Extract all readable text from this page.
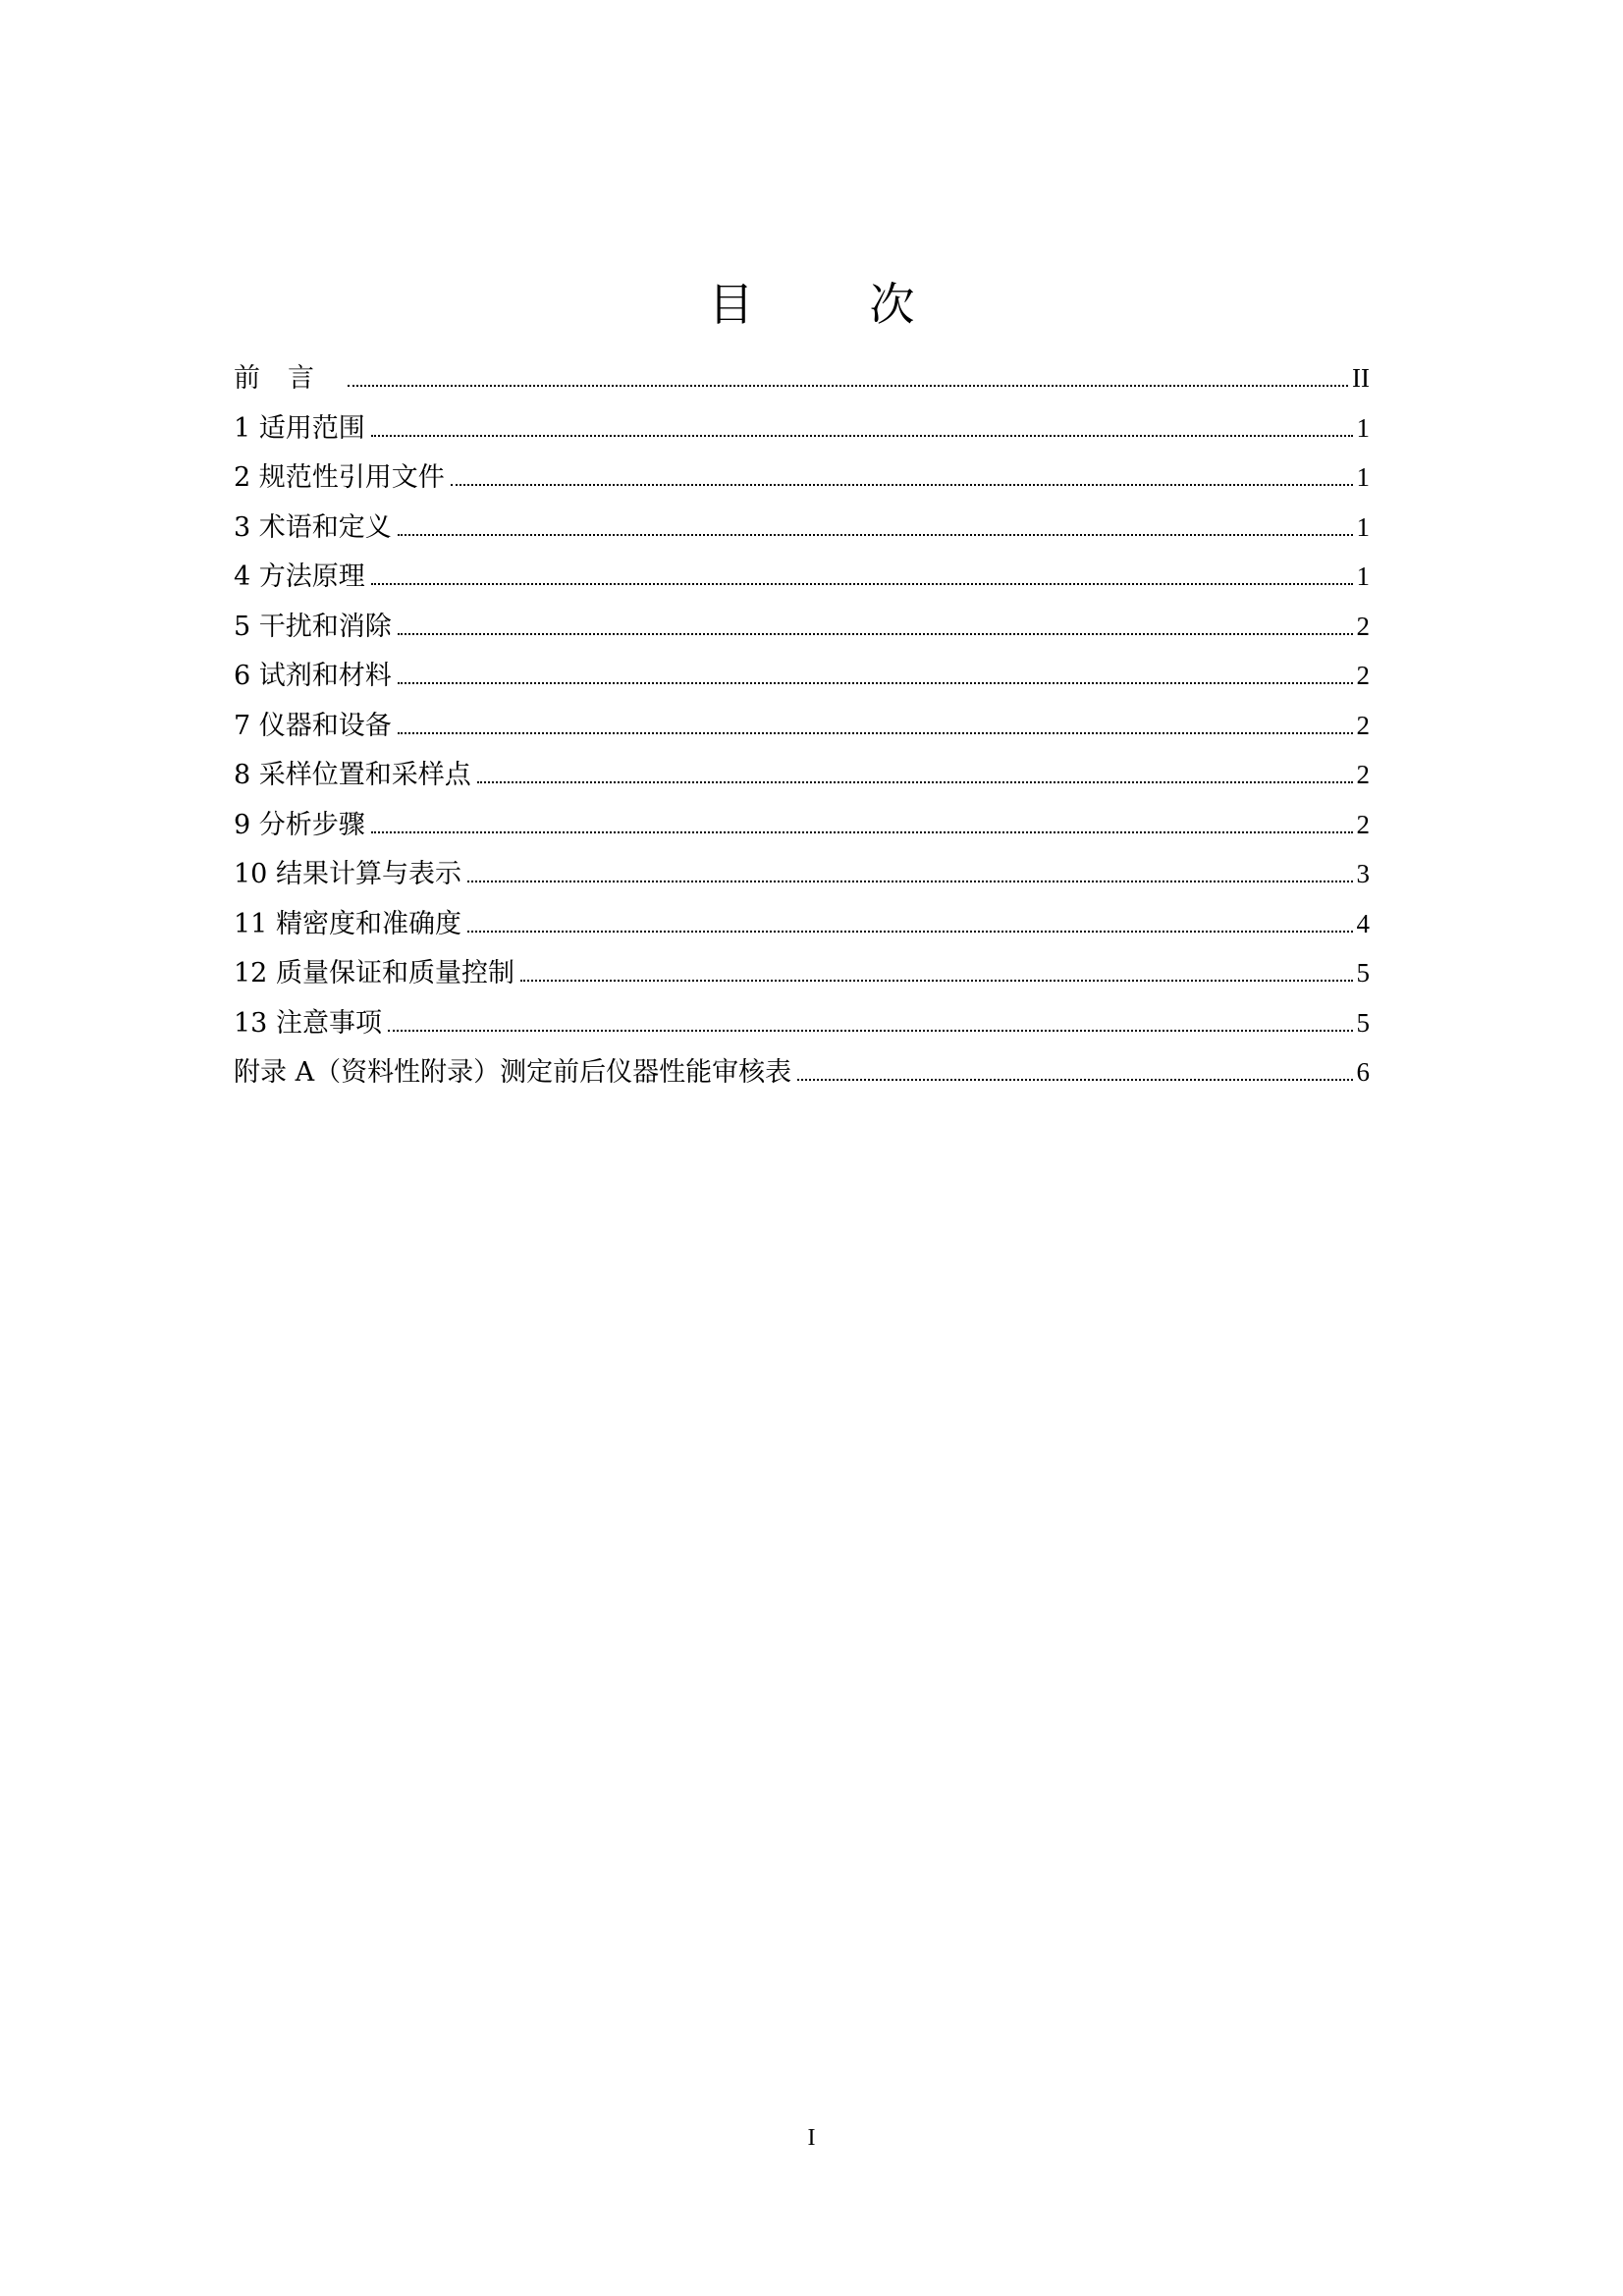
目　次
前言	II
1 适用范围	1
2 规范性引用文件	1
3 术语和定义	1
4 方法原理	1
5 干扰和消除	2
6 试剂和材料	2
7 仪器和设备	2
8 采样位置和采样点	2
9 分析步骤	2
10 结果计算与表示	3
11 精密度和准确度	4
12 质量保证和质量控制	5
13 注意事项	5
附录 A（资料性附录）测定前后仪器性能审核表	6
I
